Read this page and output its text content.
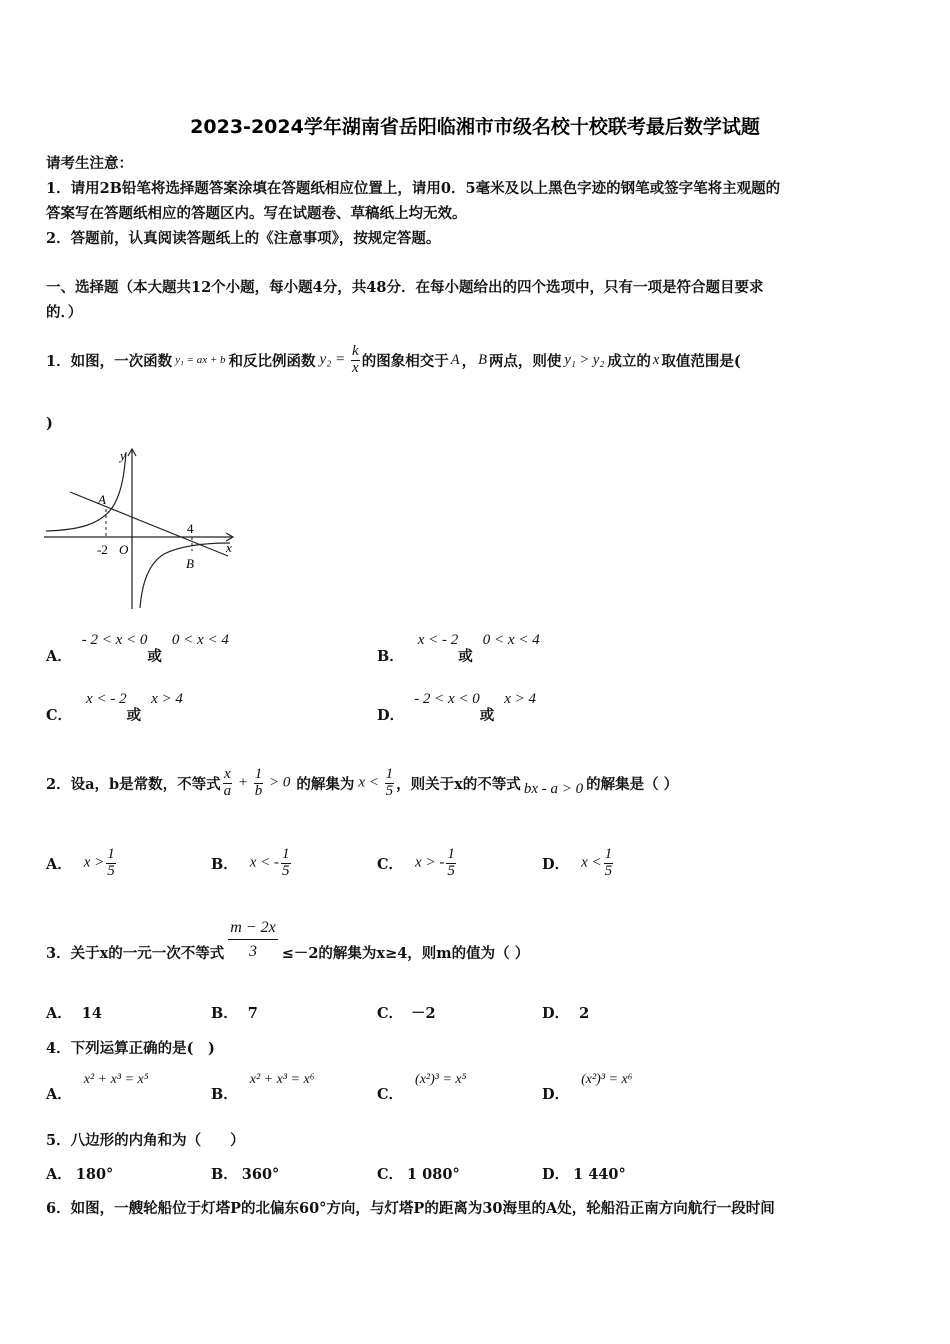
2023-2024学年湖南省岳阳临湘市市级名校十校联考最后数学试题
请考生注意：
1．请用2B铅笔将选择题答案涂填在答题纸相应位置上，请用0．5毫米及以上黑色字迹的钢笔或签字笔将主观题的
答案写在答题纸相应的答题区内。写在试题卷、草稿纸上均无效。
2．答题前，认真阅读答题纸上的《注意事项》，按规定答题。
一、选择题（本大题共12个小题，每小题4分，共48分．在每小题给出的四个选项中，只有一项是符合题目要求
的．）
1．如图，一次函数 y₁ = ax + b 和反比例函数 $y_2 = \frac{k}{x}$ 的图象相交于 A ， B 两点，则使 y₁ > y₂ 成立的 x 取值范围是(
)
y
x
A
B
O
-2
4
A．
- 2 < x < 0
或
0 < x < 4
B．
x < - 2
或
0 < x < 4
C．
x < - 2
或
x > 4
D．
- 2 < x < 0
或
x > 4
2．设a，b是常数，不等式 $\frac{x}{a} + \frac{1}{b} > 0$ 的解集为 $x < \frac{1}{5}$ ，则关于x的不等式 bx - a > 0 的解集是（ ）
A． $x > \frac{1}{5}$	B． x < - $\frac{1}{5}$	C． x > - $\frac{1}{5}$	D． $x < \frac{1}{5}$
3．关于x的一元一次不等式 $\frac{m - 2x}{3} \le-2$的解集为x≥4，则m的值为（ ）
A． 14	B． 7	C． －2	D． 2
4．下列运算正确的是(　)
A．
x² + x³ = x⁵
B．
x² + x³ = x⁶
C．
(x²)³ = x⁵
D．
(x²)³ = x⁶
5．八边形的内角和为（　　）
A． 180°	B． 360°	C． 1 080°	D． 1 440°
6．如图，一艘轮船位于灯塔P的北偏东60°方向，与灯塔P的距离为30海里的A处，轮船沿正南方向航行一段时间
